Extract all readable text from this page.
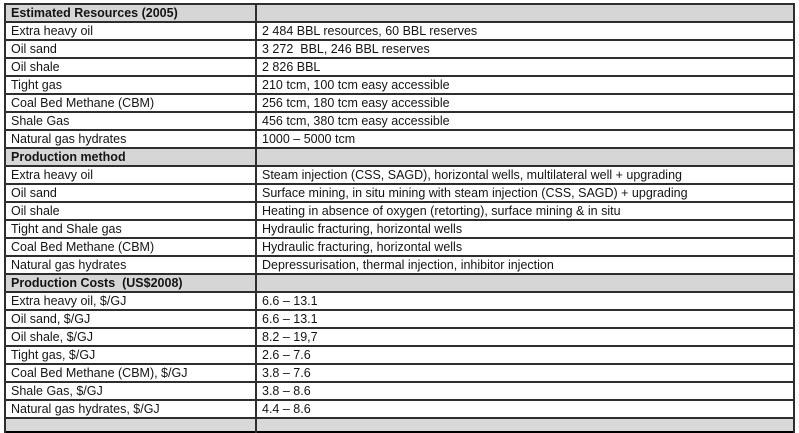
Estimated Resources (2005)	
Extra heavy oil	2 484 BBL resources, 60 BBL reserves
Oil sand	3 272  BBL, 246 BBL reserves
Oil shale	2 826 BBL
Tight gas	210 tcm, 100 tcm easy accessible
Coal Bed Methane (CBM)	256 tcm, 180 tcm easy accessible
Shale Gas	456 tcm, 380 tcm easy accessible
Natural gas hydrates	1000 – 5000 tcm
Production method	
Extra heavy oil	Steam injection (CSS, SAGD), horizontal wells, multilateral well + upgrading
Oil sand	Surface mining, in situ mining with steam injection (CSS, SAGD) + upgrading
Oil shale	Heating in absence of oxygen (retorting), surface mining & in situ
Tight and Shale gas	Hydraulic fracturing, horizontal wells
Coal Bed Methane (CBM)	Hydraulic fracturing, horizontal wells
Natural gas hydrates	Depressurisation, thermal injection, inhibitor injection
Production Costs  (US$2008)	
Extra heavy oil, $/GJ	6.6 – 13.1
Oil sand, $/GJ	6.6 – 13.1
Oil shale, $/GJ	8.2 – 19,7
Tight gas, $/GJ	2.6 – 7.6
Coal Bed Methane (CBM), $/GJ	3.8 – 7.6
Shale Gas, $/GJ	3.8 – 8.6
Natural gas hydrates, $/GJ	4.4 – 8.6
